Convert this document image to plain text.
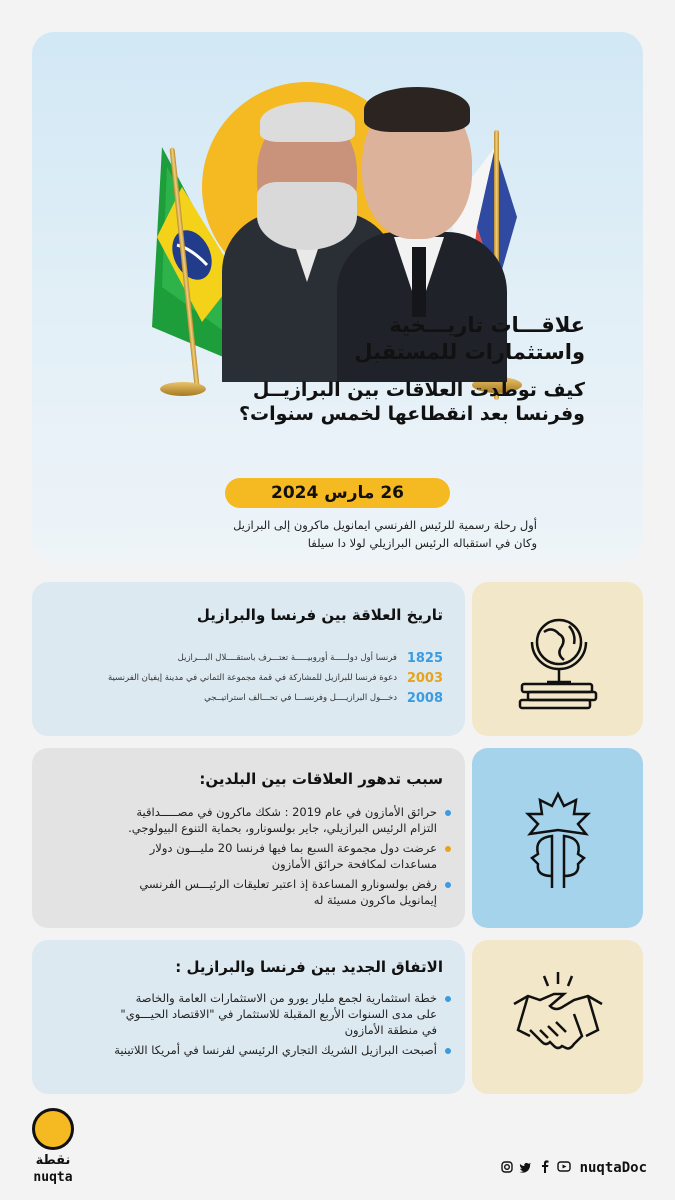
علاقـــات تاريـــخية
واستثمارات للمستقبل
كيف توطدت العلاقات بين البرازيــل
وفرنسا بعد انقطاعها لخمس سنوات؟
26 مارس 2024
أول رحلة رسمية للرئيس الفرنسي ايمانويل ماكرون إلى البرازيل
وكان في استقباله الرئيس البرازيلي لولا دا سيلفا
تاريخ العلاقة بين فرنسا والبرازيل
1825
فرنسا أول دولـــــة أوروبيـــــة تعتـــرف باستقــــلال البـــرازيل
2003
دعوة فرنسا للبرازيل للمشاركة في قمة مجموعة الثماني في مدينة إيفيان الفرنسية
2008
دخـــول البرازيــــل وفرنســـا في تحـــالف استراتيــجي
سبب تدهور العلاقات بين البلدين:
حرائق الأمازون في عام 2019 : شكك ماكرون في مصـــــداقية
التزام الرئيس البرازيلي، جاير بولسونارو، بحماية التنوع البيولوجي.
عرضت دول مجموعة السبع بما فيها فرنسا 20 مليـــون دولار
مساعدات لمكافحة حرائق الأمازون
رفض بولسونارو المساعدة إذ اعتبر تعليقات الرئيـــس الفرنسي
إيمانويل ماكرون مسيئة له
الاتفاق الجديد بين فرنسا والبرازيل :
خطة استثمارية لجمع مليار يورو من الاستثمارات العامة والخاصة
على مدى السنوات الأربع المقبلة للاستثمار في "الاقتصاد الحيـــوي"
في منطقة الأمازون
أصبحت البرازيل الشريك التجاري الرئيسي لفرنسا في أمريكا اللاتينية
نقطة
nuqta
nuqtaDoc
